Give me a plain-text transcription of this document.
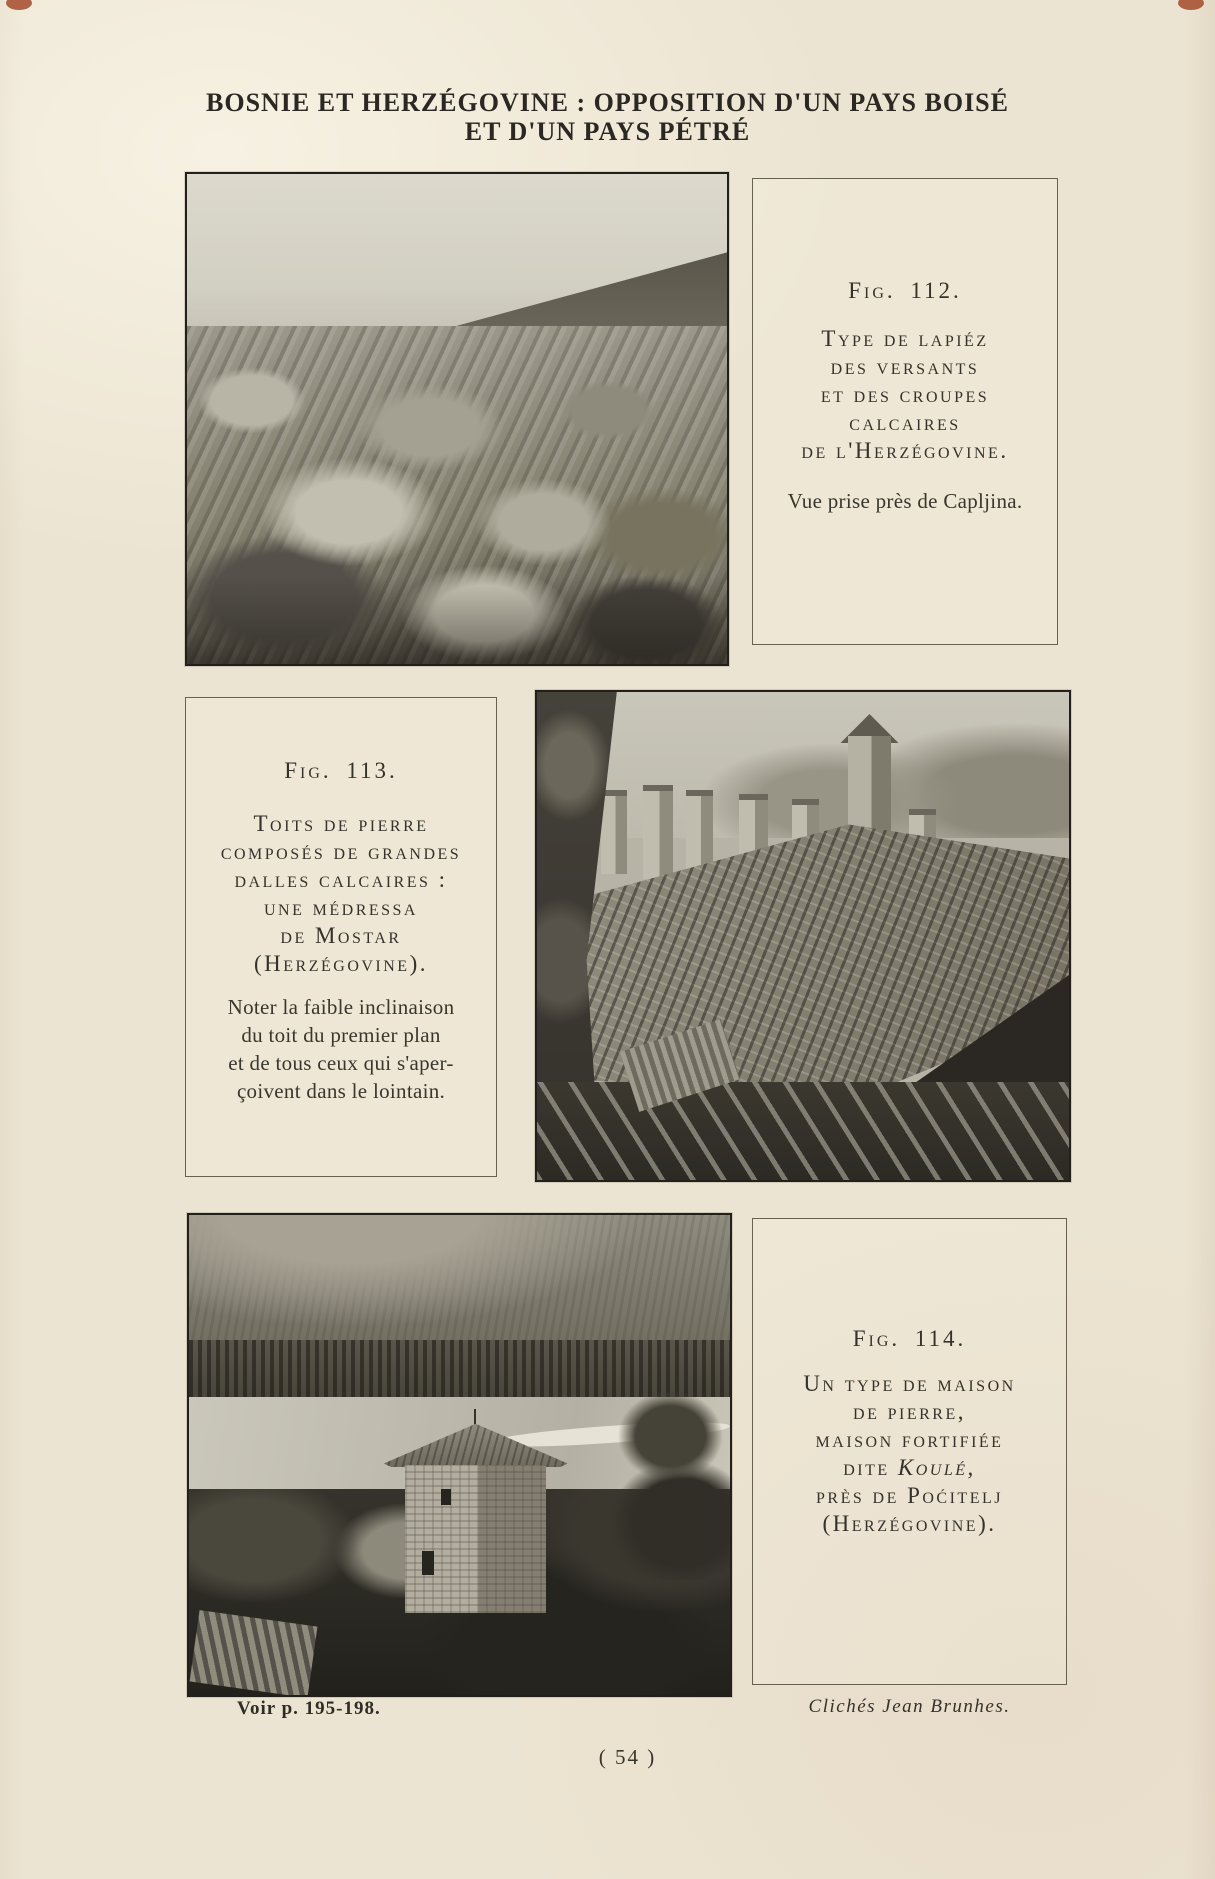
BOSNIE ET HERZÉGOVINE : OPPOSITION D'UN PAYS BOISÉ
ET D'UN PAYS PÉTRÉ
Fig. 112.
Type de lapiéz
des versants
et des croupes
calcaires
de l'Herzégovine.
Vue prise près de Capljina.
Fig. 113.
Toits de pierre
composés de grandes
dalles calcaires :
une médressa
de Mostar
(Herzégovine).
Noter la faible inclinaison
du toit du premier plan
et de tous ceux qui s'aper-
çoivent dans le lointain.
Fig. 114.
Un type de maison
de pierre,
maison fortifiée
dite Koulé,
près de Poćitelj
(Herzégovine).
Voir p. 195-198.	Clichés Jean Brunhes.
( 54 )
